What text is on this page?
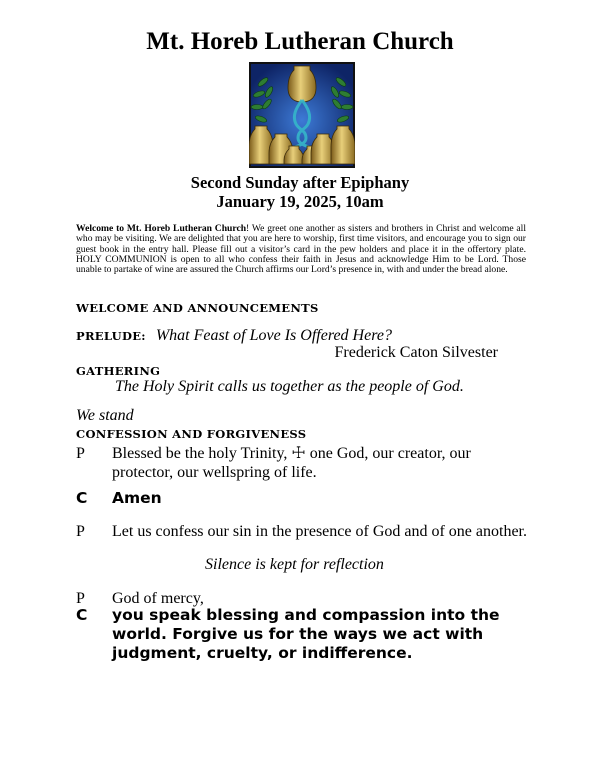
Mt. Horeb Lutheran Church
Second Sunday after Epiphany
January 19, 2025, 10am
Welcome to Mt. Horeb Lutheran Church! We greet one another as sisters and brothers in Christ and welcome all who may be visiting. We are delighted that you are here to worship, first time visitors, and encourage you to sign our guest book in the entry hall. Please fill out a visitor’s card in the pew holders and place it in the offertory plate. HOLY COMMUNION is open to all who confess their faith in Jesus and acknowledge Him to be Lord. Those unable to partake of wine are assured the Church affirms our Lord’s presence in, with and under the bread alone.
WELCOME AND ANNOUNCEMENTS
PRELUDE: What Feast of Love Is Offered Here?
Frederick Caton Silvester
GATHERING
The Holy Spirit calls us together as the people of God.
We stand
CONFESSION AND FORGIVENESS
P Blessed be the holy Trinity, ☩ one God, our creator, our protector, our wellspring of life.
C Amen
P Let us confess our sin in the presence of God and of one another.
Silence is kept for reflection
P God of mercy,
C you speak blessing and compassion into the world. Forgive us for the ways we act with judgment, cruelty, or indifference.
